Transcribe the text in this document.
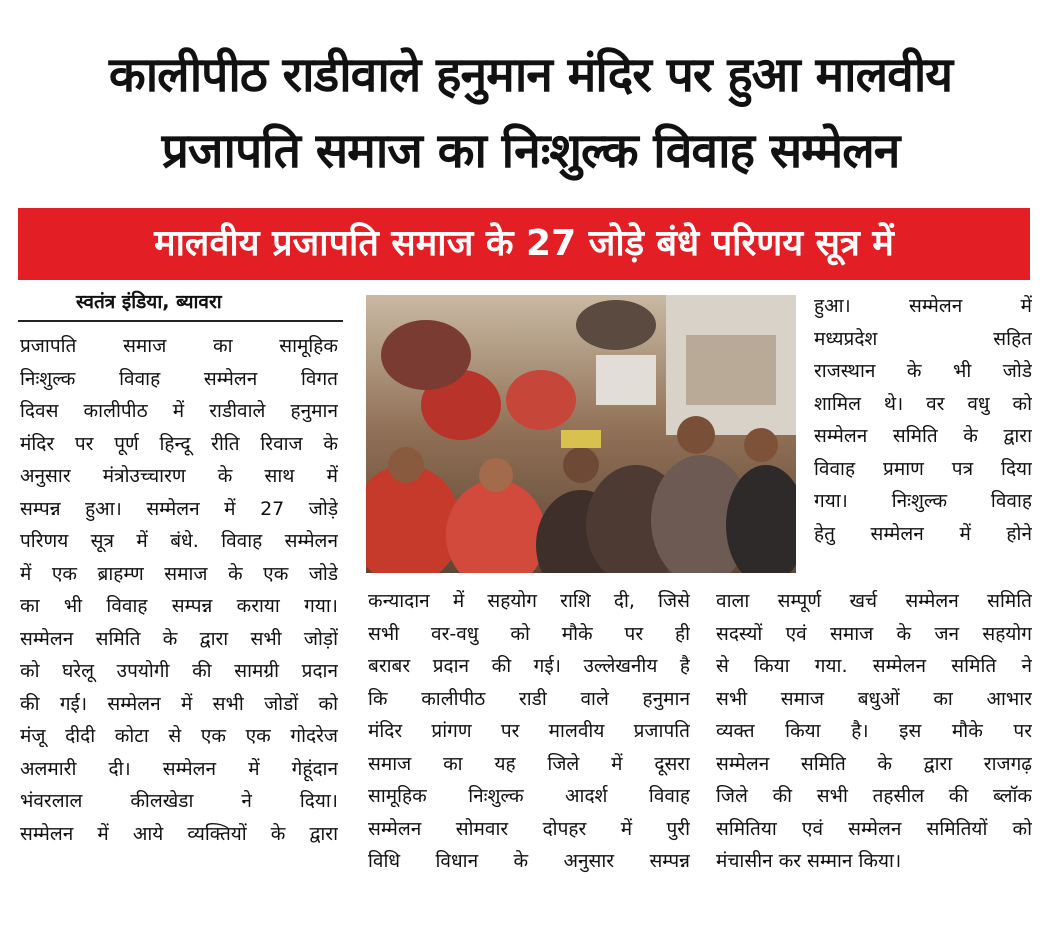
कालीपीठ राडीवाले हनुमान मंदिर पर हुआ मालवीय
प्रजापति समाज का निःशुल्क विवाह सम्मेलन
मालवीय प्रजापति समाज के 27 जोड़े बंधे परिणय सूत्र में
स्वतंत्र इंडिया, ब्यावरा
प्रजापति समाज का सामूहिक
निःशुल्क विवाह सम्मेलन विगत
दिवस कालीपीठ में राडीवाले हनुमान
मंदिर पर पूर्ण हिन्दू रीति रिवाज के
अनुसार मंत्रोउच्चारण के साथ में
सम्पन्न हुआ। सम्मेलन में 27 जोड़े
परिणय सूत्र में बंधे. विवाह सम्मेलन
में एक ब्राहम्ण समाज के एक जोडे
का भी विवाह सम्पन्न कराया गया।
सम्मेलन समिति के द्वारा सभी जोड़ों
को घरेलू उपयोगी की सामग्री प्रदान
की गई। सम्मेलन में सभी जोडों को
मंजू दीदी कोटा से एक एक गोदरेज
अलमारी दी। सम्मेलन में गेहूंदान
भंवरलाल कीलखेडा ने दिया।
सम्मेलन में आये व्यक्तियों के द्वारा
हुआ। सम्मेलन में
मध्यप्रदेश सहित
राजस्थान के भी जोडे
शामिल थे। वर वधु को
सम्मेलन समिति के द्वारा
विवाह प्रमाण पत्र दिया
गया। निःशुल्क विवाह
हेतु सम्मेलन में होने
कन्यादान में सहयोग राशि दी, जिसे
सभी वर-वधु को मौके पर ही
बराबर प्रदान की गई। उल्लेखनीय है
कि कालीपीठ राडी वाले हनुमान
मंदिर प्रांगण पर मालवीय प्रजापति
समाज का यह जिले में दूसरा
सामूहिक निःशुल्क आदर्श विवाह
सम्मेलन सोमवार दोपहर में पुरी
विधि विधान के अनुसार सम्पन्न
वाला सम्पूर्ण खर्च सम्मेलन समिति
सदस्यों एवं समाज के जन सहयोग
से किया गया. सम्मेलन समिति ने
सभी समाज बधुओं का आभार
व्यक्त किया है। इस मौके पर
सम्मेलन समिति के द्वारा राजगढ़
जिले की सभी तहसील की ब्लॉक
समितिया एवं सम्मेलन समितियों को
मंचासीन कर सम्मान किया।
